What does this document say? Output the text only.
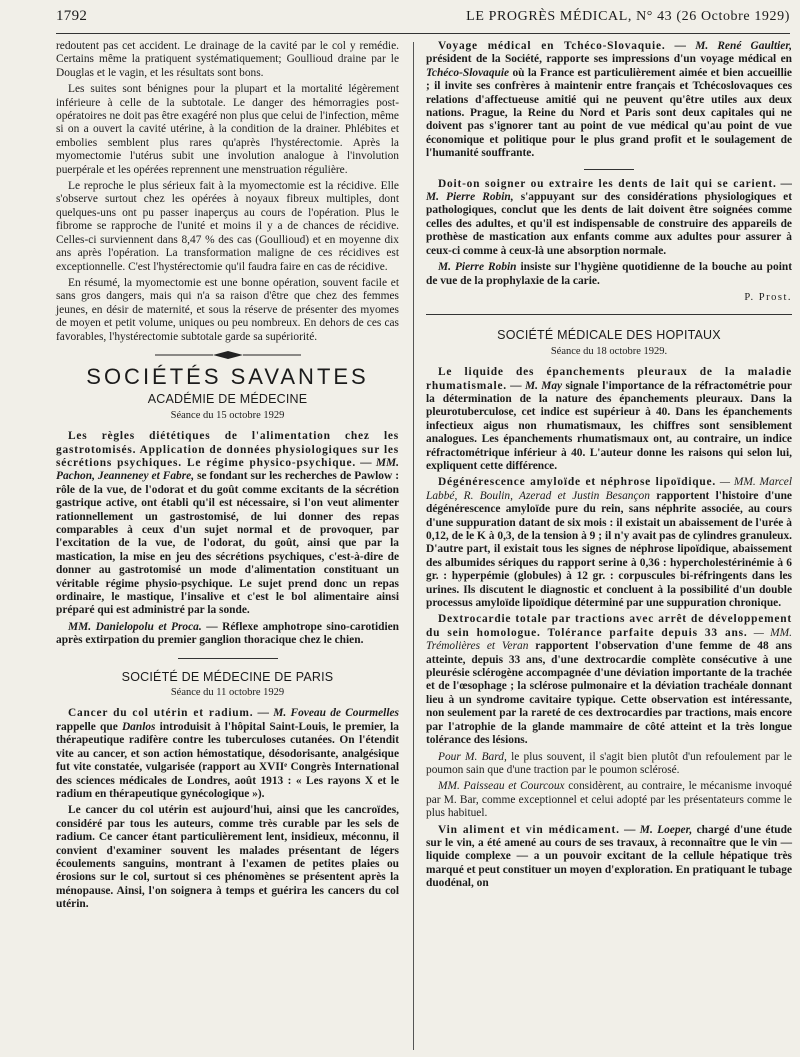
1792	LE PROGRÈS MÉDICAL, N° 43 (26 Octobre 1929)

redoutent pas cet accident. Le drainage de la cavité par le col y remédie. Certains même la pratiquent systématiquement; Goullioud draine par le Douglas et le vagin, et les résultats sont bons.

Les suites sont bénignes pour la plupart et la mortalité légèrement inférieure à celle de la subtotale. Le danger des hémorragies post-opératoires ne doit pas être exagéré non plus que celui de l'infection, même si on a ouvert la cavité utérine, à la condition de la drainer. Phlébites et embolies semblent plus rares qu'après l'hystérectomie. Après la myomectomie l'utérus subit une involution analogue à l'involution puerpérale et les opérées reprennent une menstruation régulière.

Le reproche le plus sérieux fait à la myomectomie est la récidive. Elle s'observe surtout chez les opérées à noyaux fibreux multiples, dont quelques-uns ont pu passer inaperçus au cours de l'opération. Plus le fibrome se rapproche de l'unité et moins il y a de chances de récidive. Celles-ci surviennent dans 8,47 % des cas (Goullioud) et en moyenne dix ans après l'opération. La transformation maligne de ces récidives est exceptionnelle. C'est l'hystérectomie qu'il faudra faire en cas de récidive.

En résumé, la myomectomie est une bonne opération, souvent facile et sans gros dangers, mais qui n'a sa raison d'être que chez des femmes jeunes, en désir de maternité, et sous la réserve de présenter des myomes de moyen et petit volume, uniques ou peu nombreux. En dehors de ces cas favorables, l'hystérectomie subtotale garde sa supériorité.

SOCIÉTÉS SAVANTES
ACADÉMIE DE MÉDECINE
Séance du 15 octobre 1929

Les règles diététiques de l'alimentation chez les gastrotomisés. Application de données physiologiques sur les sécrétions psychiques. Le régime physico-psychique. — MM. Pachon, Jeanneney et Fabre, se fondant sur les recherches de Pawlow : rôle de la vue, de l'odorat et du goût comme excitants de la sécrétion gastrique active, ont établi qu'il est nécessaire, si l'on veut alimenter rationnellement un gastrostomisé, de lui donner des repas comparables à ceux d'un sujet normal et de provoquer, par l'excitation de la vue, de l'odorat, du goût, ainsi que par la mastication, la mise en jeu des sécrétions psychiques, c'est-à-dire de donner au gastrotomisé un mode d'alimentation constituant un véritable régime physio-psychique. Le sujet prend donc un repas ordinaire, le mastique, l'insalive et c'est le bol alimentaire ainsi préparé qui est administré par la sonde.

MM. Danielopolu et Proca. — Réflexe amphotrope sino-carotidien après extirpation du premier ganglion thoracique chez le chien.

SOCIÉTÉ DE MÉDECINE DE PARIS
Séance du 11 octobre 1929

Cancer du col utérin et radium. — M. Foveau de Courmelles rappelle que Danlos introduisit à l'hôpital Saint-Louis, le premier, la thérapeutique radifère contre les tuberculoses cutanées. On l'étendit vite au cancer, et son action hémostatique, désodorisante, analgésique fut vite constatée, vulgarisée (rapport au XVIIᵉ Congrès International des sciences médicales de Londres, août 1913 : « Les rayons X et le radium en thérapeutique gynécologique »).

Le cancer du col utérin est aujourd'hui, ainsi que les cancroïdes, considéré par tous les auteurs, comme très curable par les sels de radium. Ce cancer étant particulièrement lent, insidieux, méconnu, il convient d'examiner souvent les malades présentant de légers écoulements sanguins, montrant à l'examen de petites plaies ou érosions sur le col, surtout si ces phénomènes se présentent après la ménopause. Ainsi, l'on soignera à temps et guérira les cancers du col utérin.

Voyage médical en Tchéco-Slovaquie. — M. René Gaultier, président de la Société, rapporte ses impressions d'un voyage médical en Tchéco-Slovaquie où la France est particulièrement aimée et bien accueillie ; il invite ses confrères à maintenir entre français et Tchécoslovaques ces relations d'affectueuse amitié qui ne peuvent qu'être utiles aux deux nations. Prague, la Reine du Nord et Paris sont deux capitales qui ne doivent pas s'ignorer tant au point de vue médical qu'au point de vue économique et politique pour le plus grand profit et le soulagement de l'humanité souffrante.

Doit-on soigner ou extraire les dents de lait qui se carient. — M. Pierre Robin, s'appuyant sur des considérations physiologiques et pathologiques, conclut que les dents de lait doivent être soignées comme celles des adultes, et qu'il est indispensable de construire des appareils de prothèse de mastication aux enfants comme aux adultes pour assurer à ceux-ci comme à ceux-là une absorption normale.

M. Pierre Robin insiste sur l'hygiène quotidienne de la bouche au point de vue de la prophylaxie de la carie.

P. Prost.
SOCIÉTÉ MÉDICALE DES HOPITAUX
Séance du 18 octobre 1929.

Le liquide des épanchements pleuraux de la maladie rhumatismale. — M. May signale l'importance de la réfractométrie pour la détermination de la nature des épanchements pleuraux. Dans la pleurotuberculose, cet indice est supérieur à 40. Dans les épanchements infectieux aigus non rhumatismaux, les chiffres sont sensiblement analogues. Les épanchements rhumatismaux ont, au contraire, un indice réfractométrique inférieur à 40. L'auteur donne les raisons qui selon lui, expliquent cette différence.

Dégénérescence amyloïde et néphrose lipoïdique. — MM. Marcel Labbé, R. Boulin, Azerad et Justin Besançon rapportent l'histoire d'une dégénérescence amyloïde pure du rein, sans néphrite associée, au cours d'une suppuration datant de six mois : il existait un abaissement de l'urée à 0,12, de le K à 0,3, de la tension à 9 ; il n'y avait pas de cylindres granuleux. D'autre part, il existait tous les signes de néphrose lipoïdique, abaissement des albumides sériques du rapport serine à 0,36 : hypercholestérinémie à 6 gr. : hyperpémie (globules) à 12 gr. : corpuscules bi-réfringents dans les urines. Ils discutent le diagnostic et concluent à la possibilité d'un double processus amyloïde lipoïdique déterminé par une suppuration chronique.

Dextrocardie totale par tractions avec arrêt de développement du sein homologue. Tolérance parfaite depuis 33 ans. — MM. Trémolières et Veran rapportent l'observation d'une femme de 48 ans atteinte, depuis 33 ans, d'une dextrocardie complète consécutive à une pleurésie sclérogène accompagnée d'une déviation importante de la trachée et de l'œsophage ; la sclérose pulmonaire et la déviation trachéale donnant lieu à un syndrome cavitaire typique. Cette observation est intéressante, non seulement par la rareté de ces dextrocardies par tractions, mais encore par l'atrophie de la glande mammaire de côté atteint et la très longue tolérance des lésions.

Pour M. Bard, le plus souvent, il s'agit bien plutôt d'un refoulement par le poumon sain que d'une traction par le poumon sclérosé.

MM. Paisseau et Courcoux considèrent, au contraire, le mécanisme invoqué par M. Bar, comme exceptionnel et celui adopté par les présentateurs comme le plus habituel.

Vin aliment et vin médicament. — M. Loeper, chargé d'une étude sur le vin, a été amené au cours de ses travaux, à reconnaître que le vin — liquide complexe — a un pouvoir excitant de la cellule hépatique très marqué et peut constituer un moyen d'exploration. En pratiquant le tubage duodénal, on
